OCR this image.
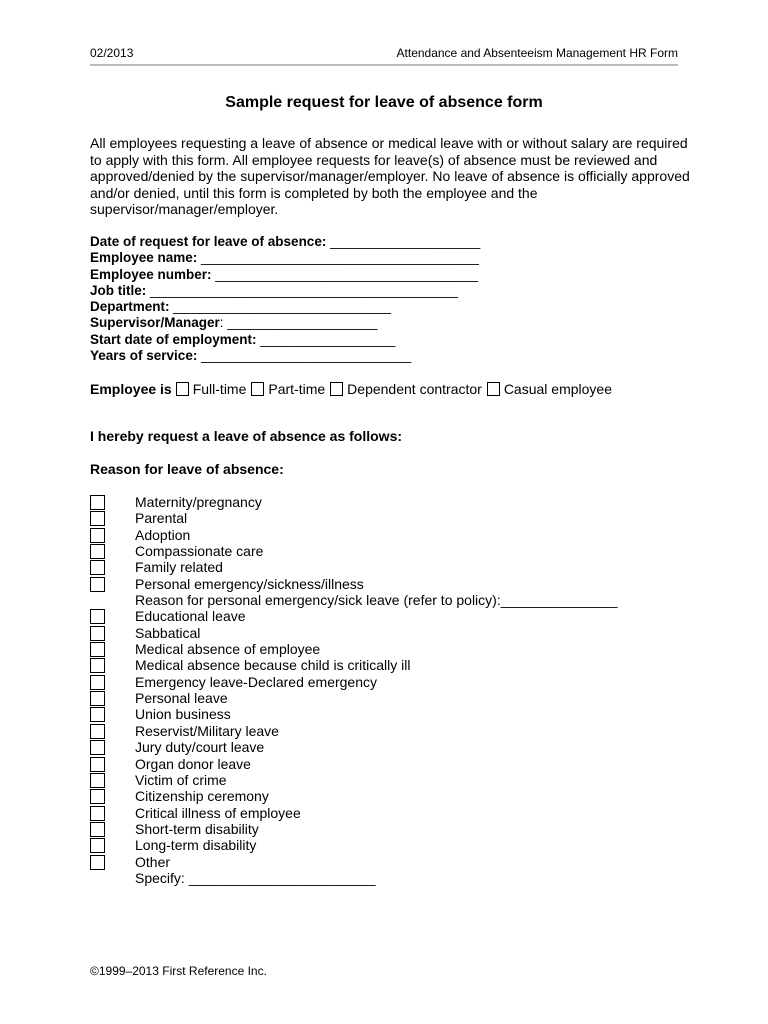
02/2013	Attendance and Absenteeism Management HR Form
Sample request for leave of absence form
All employees requesting a leave of absence or medical leave with or without salary are required to apply with this form. All employee requests for leave(s) of absence must be reviewed and approved/denied by the supervisor/manager/employer. No leave of absence is officially approved and/or denied, until this form is completed by both the employee and the supervisor/manager/employer.
Date of request for leave of absence: ____________________
Employee name: _____________________________________
Employee number: ___________________________________
Job title: _________________________________________
Department: _____________________________
Supervisor/Manager: ____________________
Start date of employment: __________________
Years of service: ____________________________
Employee is Full-time Part-time Dependent contractor Casual employee
I hereby request a leave of absence as follows:
Reason for leave of absence:
Maternity/pregnancy
Parental
Adoption
Compassionate care
Family related
Personal emergency/sickness/illness
Reason for personal emergency/sick leave (refer to policy):_______________
Educational leave
Sabbatical
Medical absence of employee
Medical absence because child is critically ill
Emergency leave-Declared emergency
Personal leave
Union business
Reservist/Military leave
Jury duty/court leave
Organ donor leave
Victim of crime
Citizenship ceremony
Critical illness of employee
Short-term disability
Long-term disability
Other
Specify: ________________________
©1999–2013 First Reference Inc.
